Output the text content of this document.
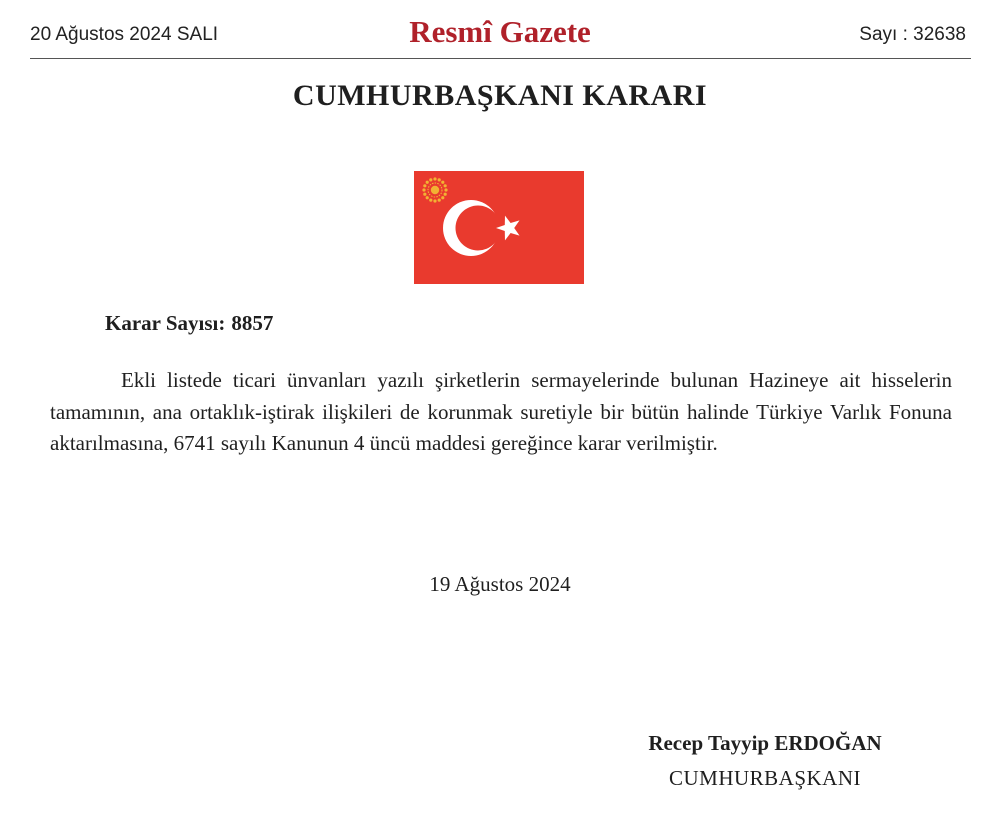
20 Ağustos 2024 SALI	Resmî Gazete	Sayı : 32638
CUMHURBAŞKANI KARARI
Karar Sayısı: 8857

Ekli listede ticari ünvanları yazılı şirketlerin sermayelerinde bulunan Hazineye ait hisselerin tamamının, ana ortaklık-iştirak ilişkileri de korunmak suretiyle bir bütün halinde Türkiye Varlık Fonuna aktarılmasına, 6741 sayılı Kanunun 4 üncü maddesi gereğince karar verilmiştir.

19 Ağustos 2024
Recep Tayyip ERDOĞAN
CUMHURBAŞKANI
